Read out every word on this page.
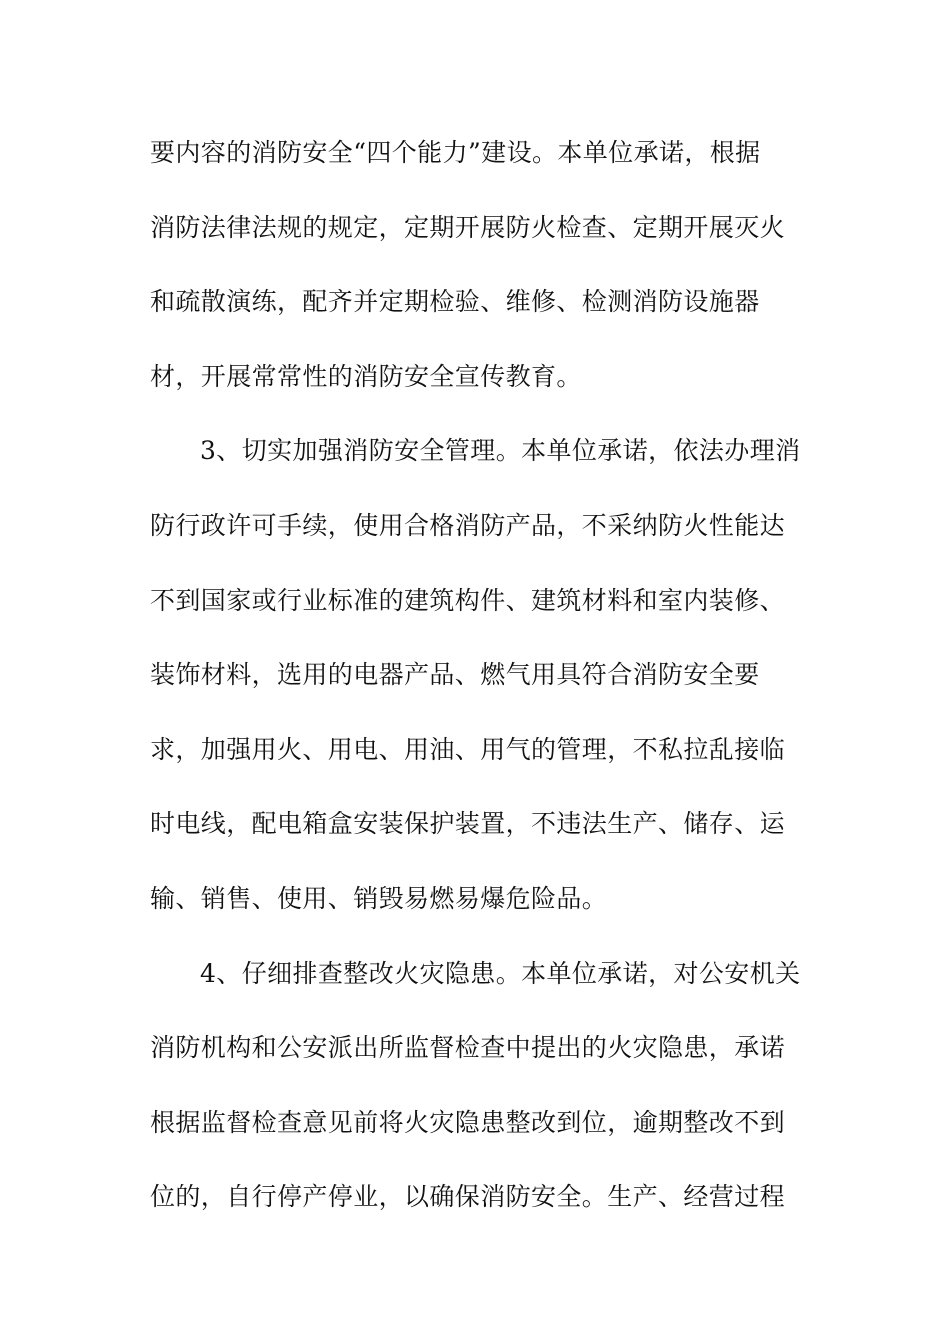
要内容的消防安全“四个能力”建设。本单位承诺，根据
消防法律法规的规定，定期开展防火检查、定期开展灭火
和疏散演练，配齐并定期检验、维修、检测消防设施器
材，开展常常性的消防安全宣传教育。
3、切实加强消防安全管理。本单位承诺，依法办理消
防行政许可手续，使用合格消防产品，不采纳防火性能达
不到国家或行业标准的建筑构件、建筑材料和室内装修、
装饰材料，选用的电器产品、燃气用具符合消防安全要
求，加强用火、用电、用油、用气的管理，不私拉乱接临
时电线，配电箱盒安装保护装置，不违法生产、储存、运
输、销售、使用、销毁易燃易爆危险品。
4、仔细排查整改火灾隐患。本单位承诺，对公安机关
消防机构和公安派出所监督检查中提出的火灾隐患，承诺
根据监督检查意见前将火灾隐患整改到位，逾期整改不到
位的，自行停产停业，以确保消防安全。生产、经营过程
